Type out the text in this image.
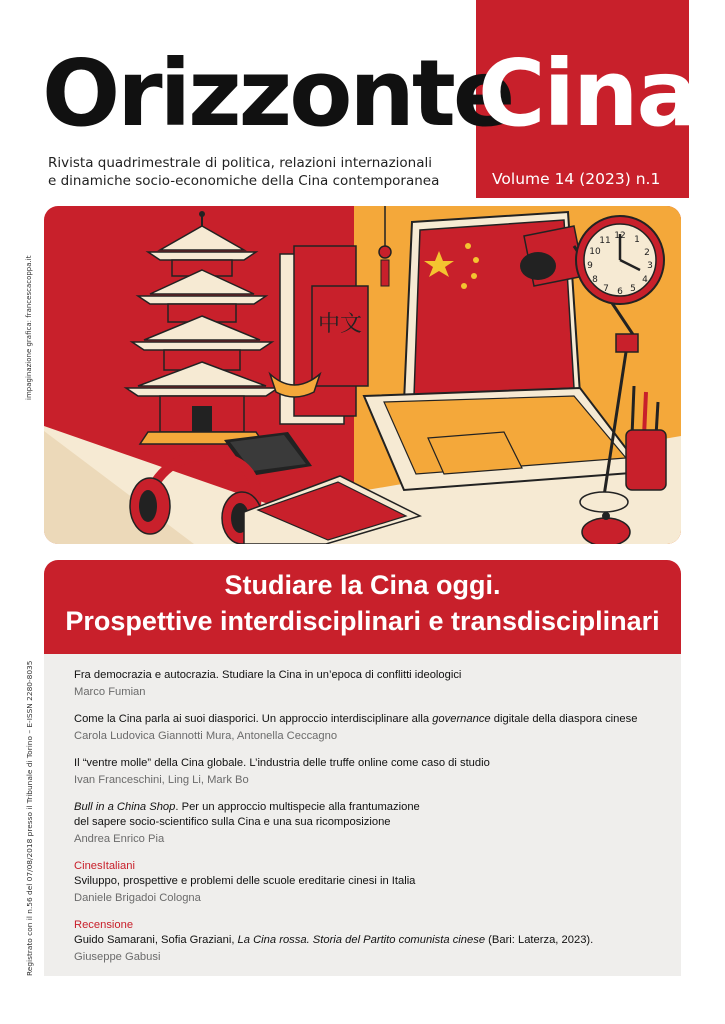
Orizzonte
Cina
Rivista quadrimestrale di politica, relazioni internazionali
e dinamiche socio-economiche della Cina contemporanea	Volume 14 (2023) n.1
impaginazione grafica: francescacoppa.it	中文
12 1
2
3
4
5
6
7
8
9
10
11
Studiare la Cina oggi.
Prospettive interdisciplinari e transdisciplinari
Registrato con il n.56 del 07/08/2018 presso il Tribunale di Torino – E-ISSN 2280-8035	Fra democrazia e autocrazia. Studiare la Cina in un’epoca di conflitti ideologici
Marco Fumian
Come la Cina parla ai suoi diasporici. Un approccio interdisciplinare alla governance digitale della diaspora cinese
Carola Ludovica Giannotti Mura, Antonella Ceccagno
Il “ventre molle” della Cina globale. L’industria delle truffe online come caso di studio
Ivan Franceschini, Ling Li, Mark Bo
Bull in a China Shop. Per un approccio multispecie alla frantumazione
del sapere socio-scientifico sulla Cina e una sua ricomposizione
Andrea Enrico Pia
CinesItaliani
Sviluppo, prospettive e problemi delle scuole ereditarie cinesi in Italia
Daniele Brigadoi Cologna
Recensione
Guido Samarani, Sofia Graziani, La Cina rossa. Storia del Partito comunista cinese (Bari: Laterza, 2023).
Giuseppe Gabusi
